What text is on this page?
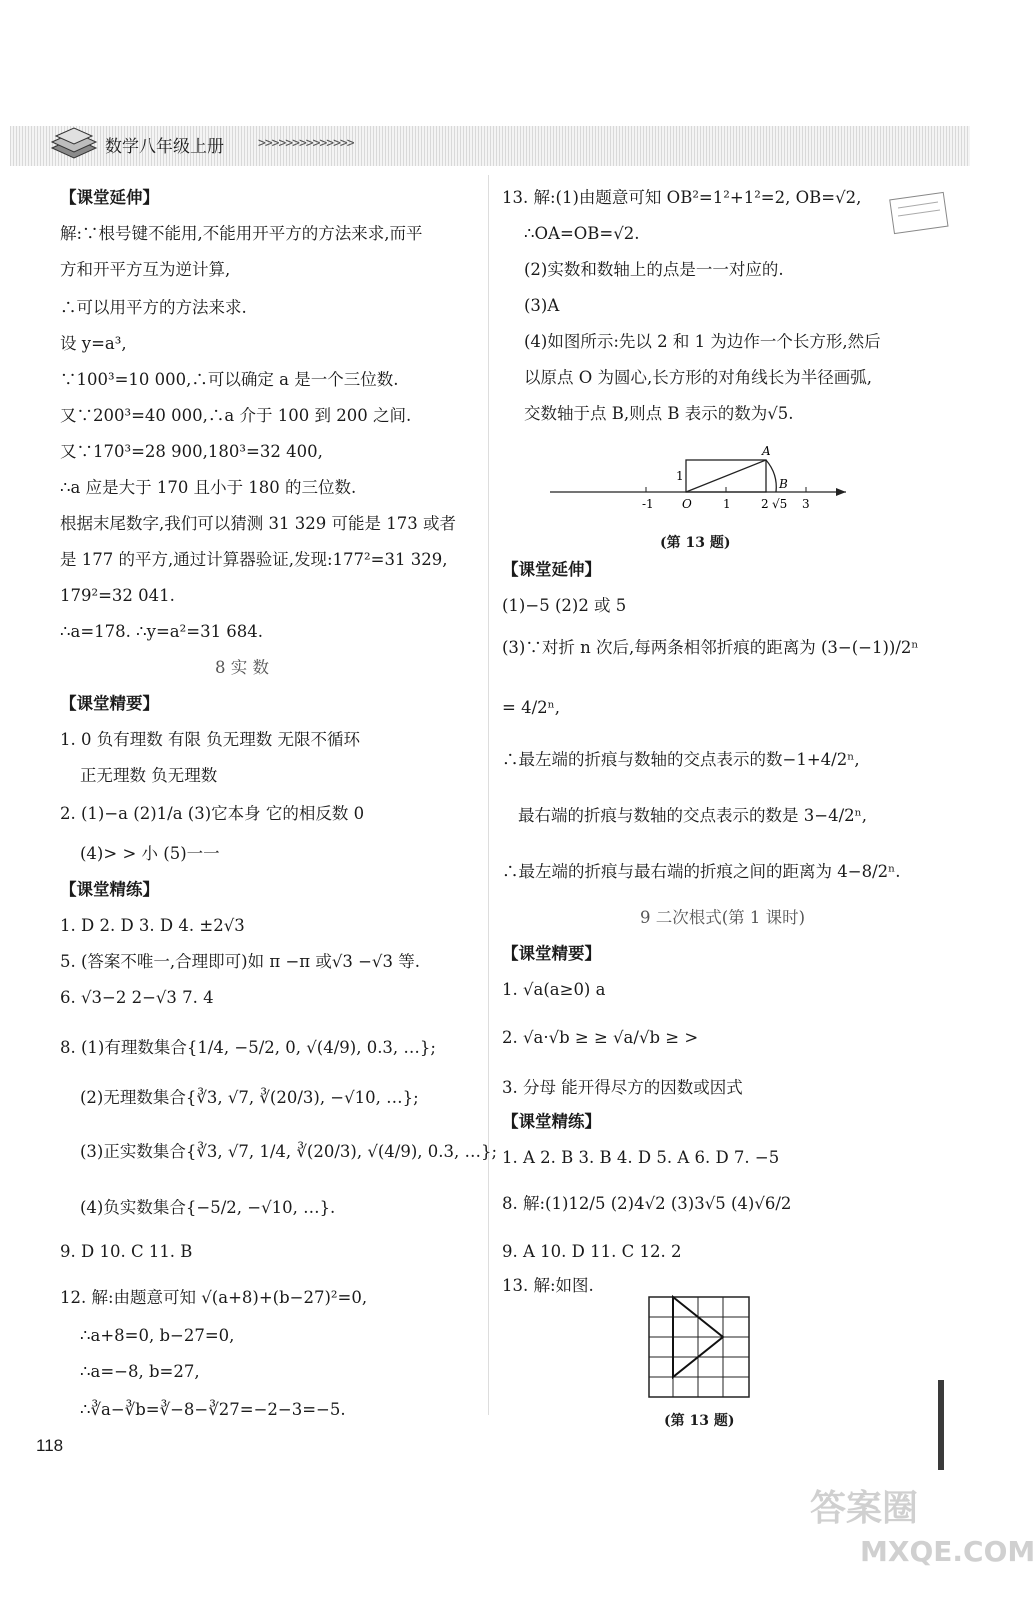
数学八年级上册	>>>>>>>>>>>>>>
【课堂延伸】
解:∵根号键不能用,不能用开平方的方法来求,而平
方和开平方互为逆计算,
∴可以用平方的方法来求.
设 y=a³,
∵100³=10 000,∴可以确定 a 是一个三位数.
又∵200³=40 000,∴a 介于 100 到 200 之间.
又∵170³=28 900,180³=32 400,
∴a 应是大于 170 且小于 180 的三位数.
根据末尾数字,我们可以猜测 31 329 可能是 173 或者
是 177 的平方,通过计算器验证,发现:177²=31 329,
179²=32 041.
∴a=178. ∴y=a²=31 684.
8 实 数
【课堂精要】
1. 0 负有理数 有限 负无理数 无限不循环
正无理数 负无理数
2. (1)−a (2)1/a (3)它本身 它的相反数 0
(4)> > 小 (5)一一
【课堂精练】
1. D 2. D 3. D 4. ±2√3
5. (答案不唯一,合理即可)如 π −π 或√3 −√3 等.
6. √3−2 2−√3 7. 4
8. (1)有理数集合{1/4, −5/2, 0, √(4/9), 0.3, …};
(2)无理数集合{∛3, √7, ∛(20/3), −√10, …};
(3)正实数集合{∛3, √7, 1/4, ∛(20/3), √(4/9), 0.3, …};
(4)负实数集合{−5/2, −√10, …}.
9. D 10. C 11. B
12. 解:由题意可知 √(a+8)+(b−27)²=0,
∴a+8=0, b−27=0,
∴a=−8, b=27,
∴∛a−∛b=∛−8−∛27=−2−3=−5.
13. 解:(1)由题意可知 OB²=1²+1²=2, OB=√2,
∴OA=OB=√2.
(2)实数和数轴上的点是一一对应的.
(3)A
(4)如图所示:先以 2 和 1 为边作一个长方形,然后
以原点 O 为圆心,长方形的对角线长为半径画弧,
交数轴于点 B,则点 B 表示的数为√5.
-1 O	1	2 √5 3
A
B
1
(第 13 题)
【课堂延伸】
(1)−5 (2)2 或 5
(3)∵对折 n 次后,每两条相邻折痕的距离为 (3−(−1))/2ⁿ
= 4/2ⁿ,
∴最左端的折痕与数轴的交点表示的数−1+4/2ⁿ,
最右端的折痕与数轴的交点表示的数是 3−4/2ⁿ,
∴最左端的折痕与最右端的折痕之间的距离为 4−8/2ⁿ.
9 二次根式(第 1 课时)
【课堂精要】
1. √a(a≥0) a
2. √a·√b ≥ ≥ √a/√b ≥ >
3. 分母 能开得尽方的因数或因式
【课堂精练】
1. A 2. B 3. B 4. D 5. A 6. D 7. −5
8. 解:(1)12/5 (2)4√2 (3)3√5 (4)√6/2
9. A 10. D 11. C 12. 2
13. 解:如图.
(第 13 题)
118
答案圈
MXQE.COM
